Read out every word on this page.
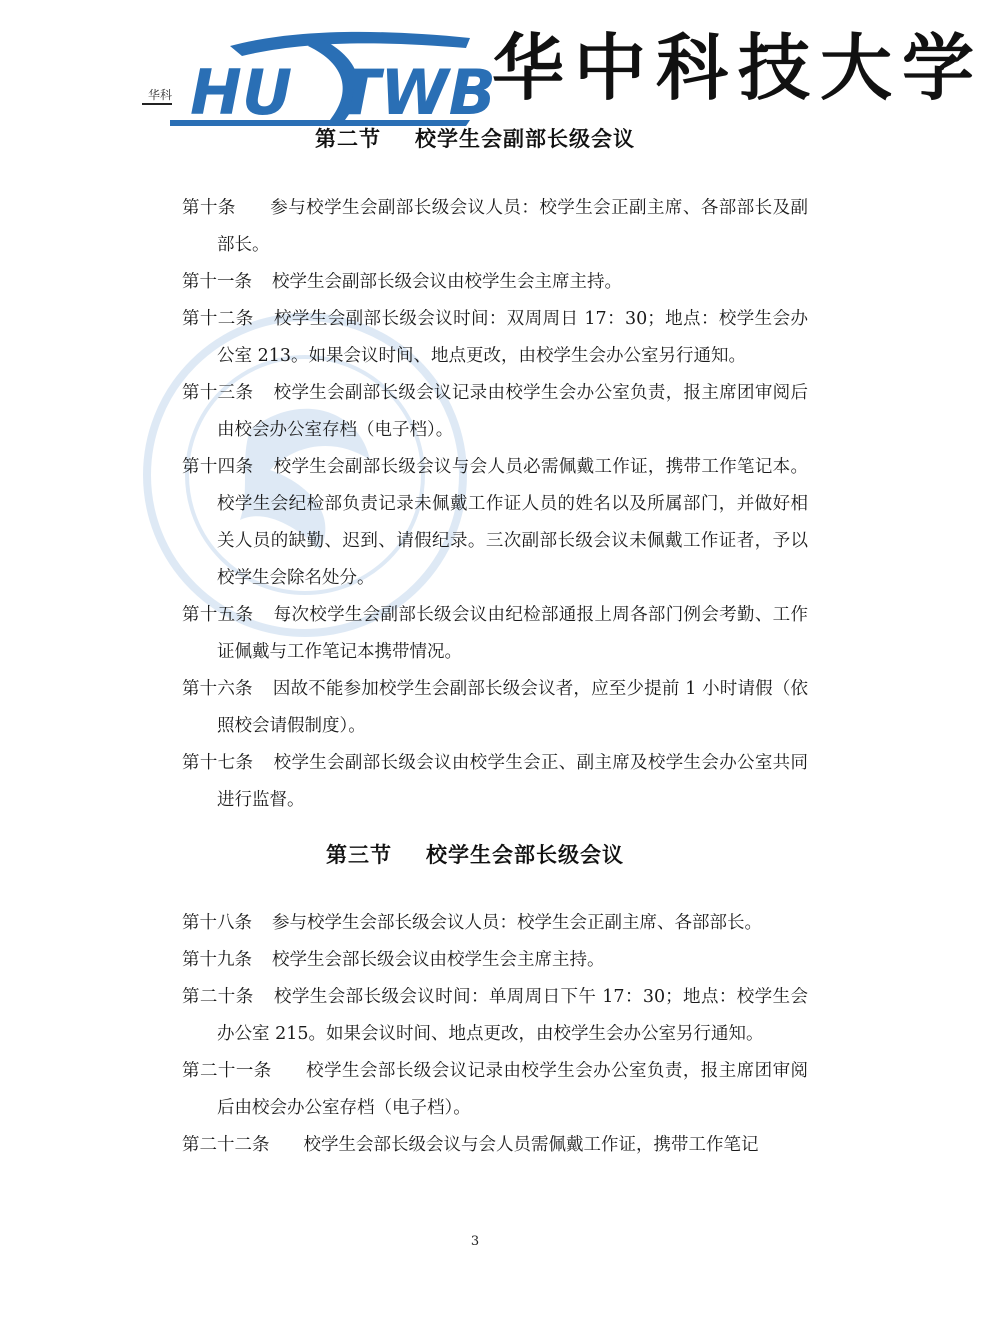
华科 HU TWB
华中科技大学
第二节 校学生会副部长级会议
第十条 参与校学生会副部长级会议人员：校学生会正副主席、各部部长及副部长。
第十一条 校学生会副部长级会议由校学生会主席主持。
第十二条 校学生会副部长级会议时间：双周周日 17：30；地点：校学生会办公室 213。如果会议时间、地点更改，由校学生会办公室另行通知。
第十三条 校学生会副部长级会议记录由校学生会办公室负责，报主席团审阅后由校会办公室存档（电子档）。
第十四条 校学生会副部长级会议与会人员必需佩戴工作证，携带工作笔记本。校学生会纪检部负责记录未佩戴工作证人员的姓名以及所属部门，并做好相关人员的缺勤、迟到、请假纪录。三次副部长级会议未佩戴工作证者，予以校学生会除名处分。
第十五条 每次校学生会副部长级会议由纪检部通报上周各部门例会考勤、工作证佩戴与工作笔记本携带情况。
第十六条 因故不能参加校学生会副部长级会议者，应至少提前 1 小时请假（依照校会请假制度）。
第十七条 校学生会副部长级会议由校学生会正、副主席及校学生会办公室共同进行监督。
第三节 校学生会部长级会议
第十八条 参与校学生会部长级会议人员：校学生会正副主席、各部部长。
第十九条 校学生会部长级会议由校学生会主席主持。
第二十条 校学生会部长级会议时间：单周周日下午 17：30；地点：校学生会办公室 215。如果会议时间、地点更改，由校学生会办公室另行通知。
第二十一条 校学生会部长级会议记录由校学生会办公室负责，报主席团审阅后由校会办公室存档（电子档）。
第二十二条 校学生会部长级会议与会人员需佩戴工作证，携带工作笔记
3
